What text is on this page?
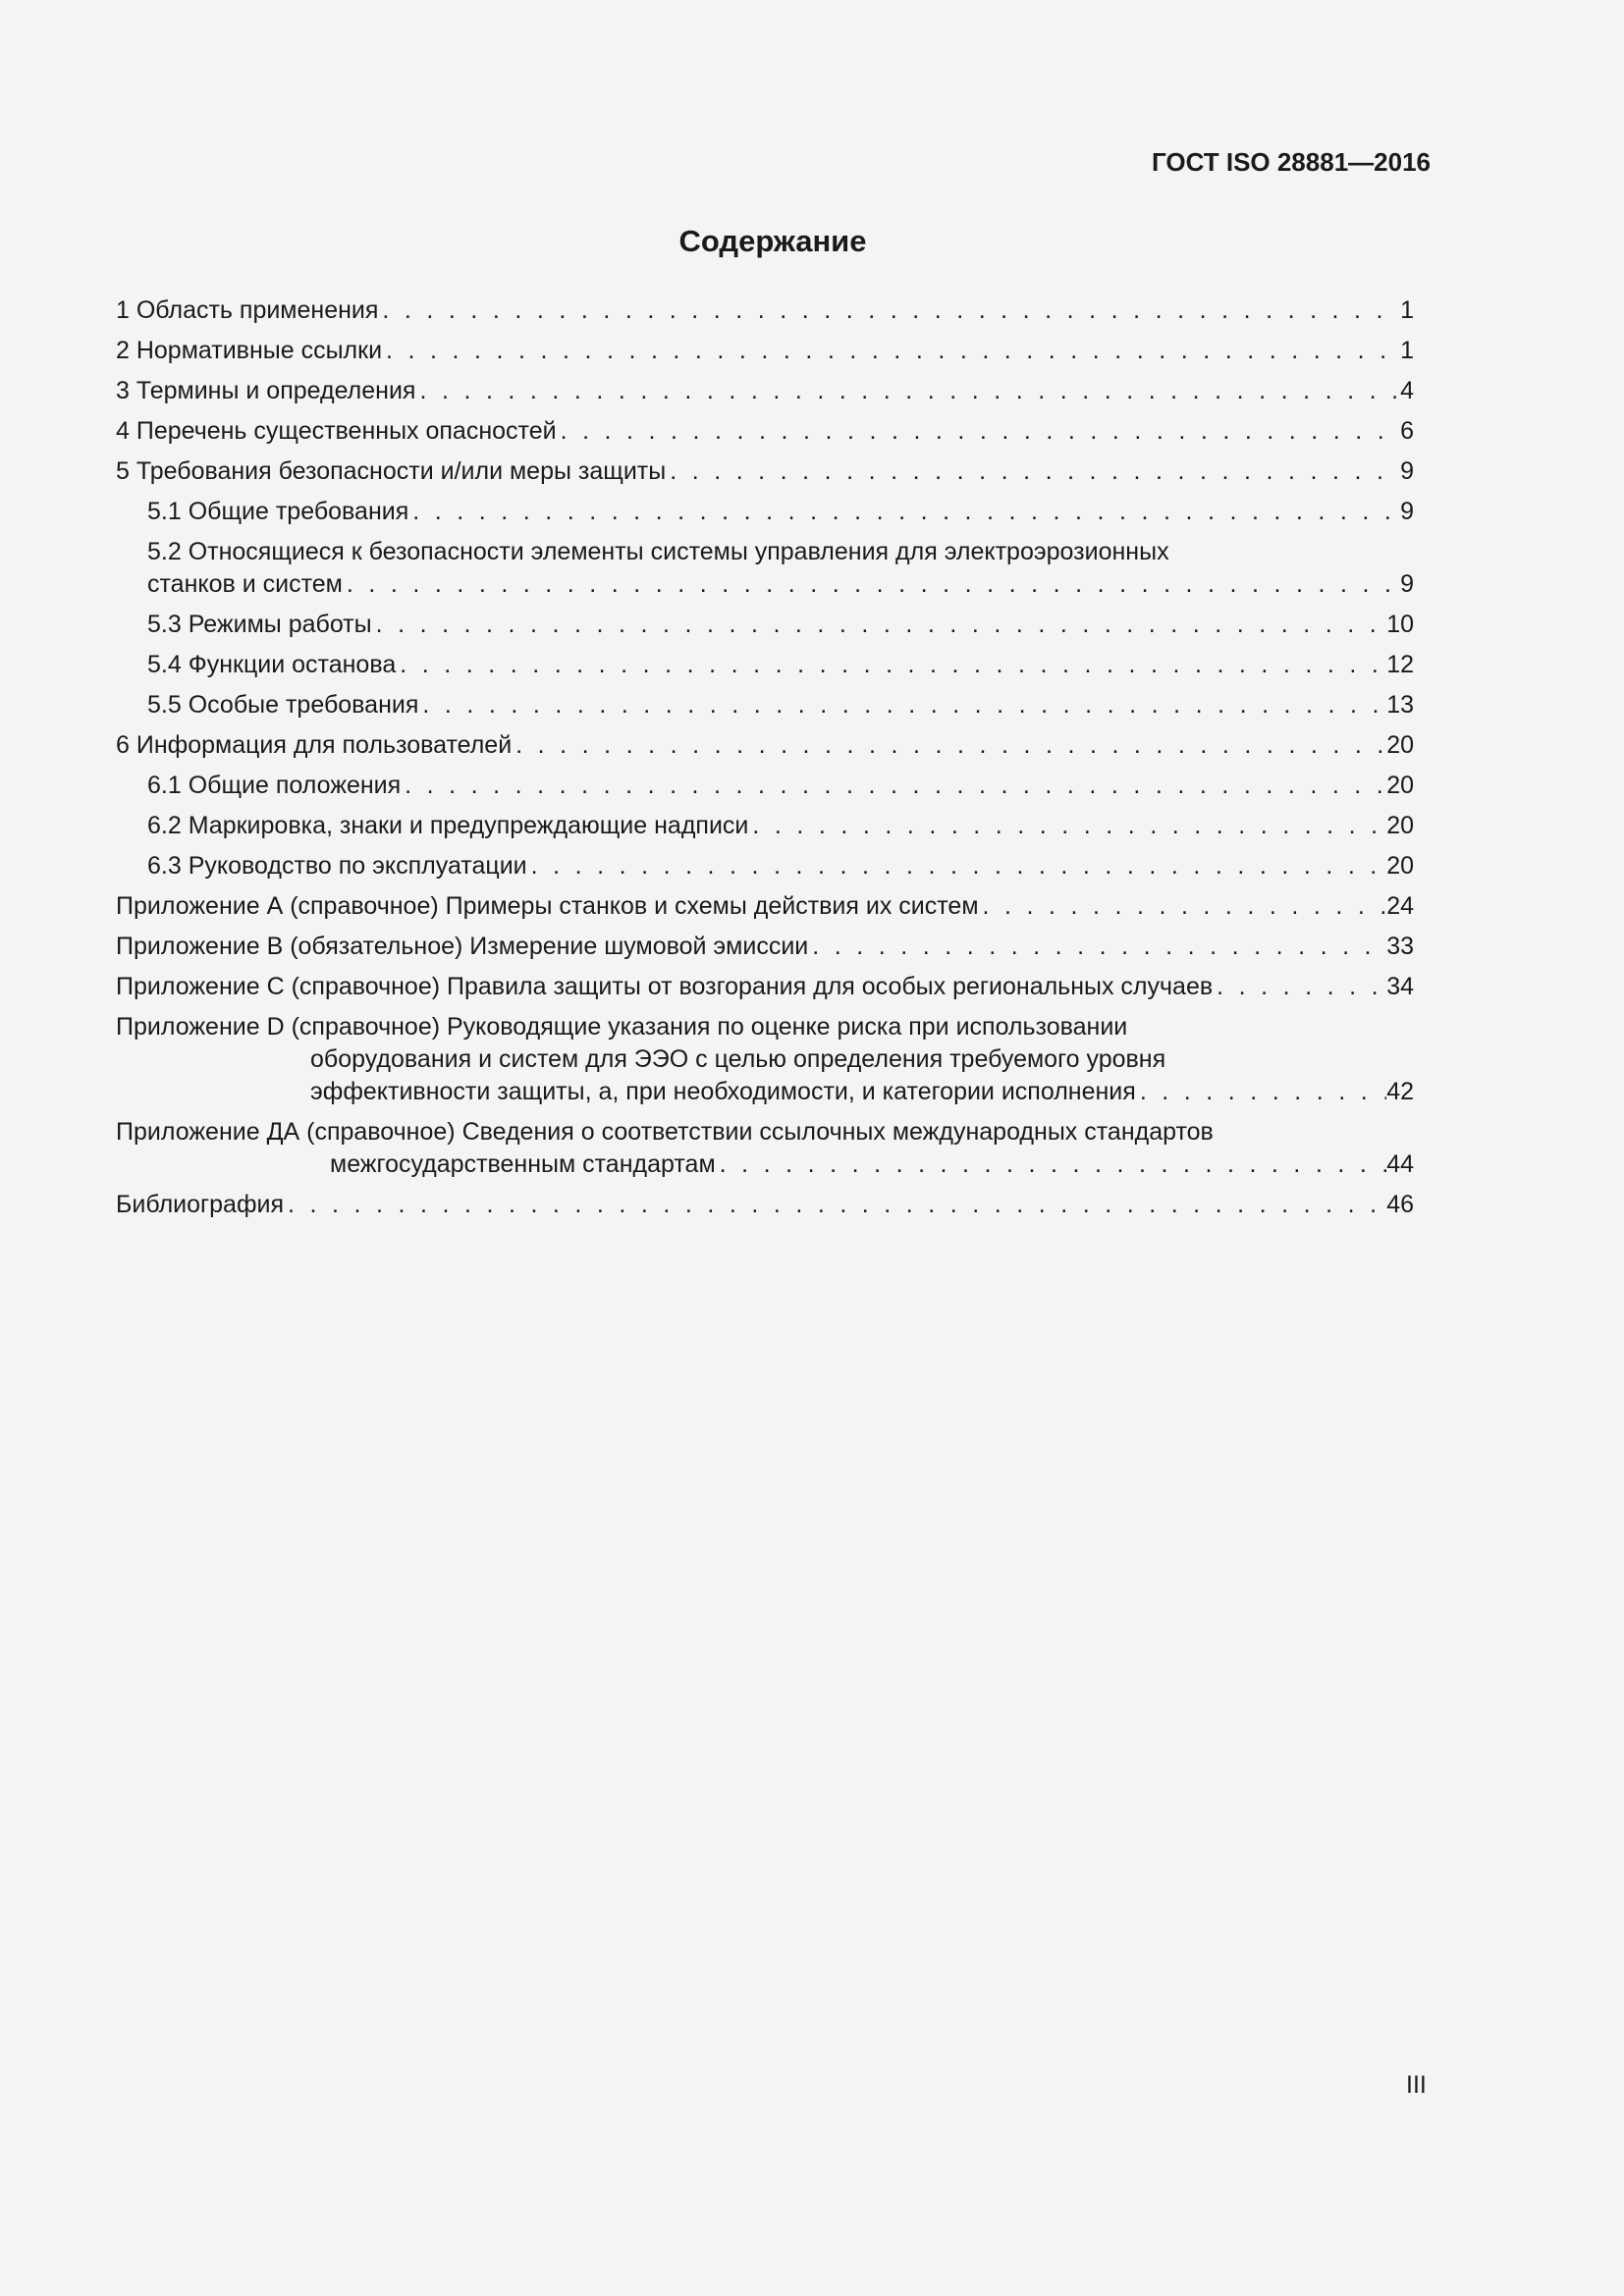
ГОСТ ISO 28881—2016
Содержание
1 Область применения . . .	1
2 Нормативные ссылки . . .	1
3 Термины и определения . . .	4
4 Перечень существенных опасностей . . .	6
5 Требования безопасности и/или меры защиты . . .	9
5.1 Общие требования . . .	9
5.2 Относящиеся к безопасности элементы системы управления для электроэрозионных
станков и систем . . .	9
5.3 Режимы работы . . .	10
5.4 Функции останова . . .	12
5.5 Особые требования . . .	13
6 Информация для пользователей . . .	20
6.1 Общие положения . . .	20
6.2 Маркировка, знаки и предупреждающие надписи . . .	20
6.3 Руководство по эксплуатации . . .	20
Приложение А (справочное) Примеры станков и схемы действия их систем . . .	24
Приложение В (обязательное) Измерение шумовой эмиссии . . .	33
Приложение С (справочное) Правила защиты от возгорания для особых региональных случаев . . .	34
Приложение D (справочное) Руководящие указания по оценке риска при использовании
оборудования и систем для ЭЭО с целью определения требуемого уровня
эффективности защиты, а, при необходимости, и категории исполнения . . .	42
Приложение ДА (справочное) Сведения о соответствии ссылочных международных стандартов
межгосударственным стандартам . . .	44
Библиография . . .	46
III
